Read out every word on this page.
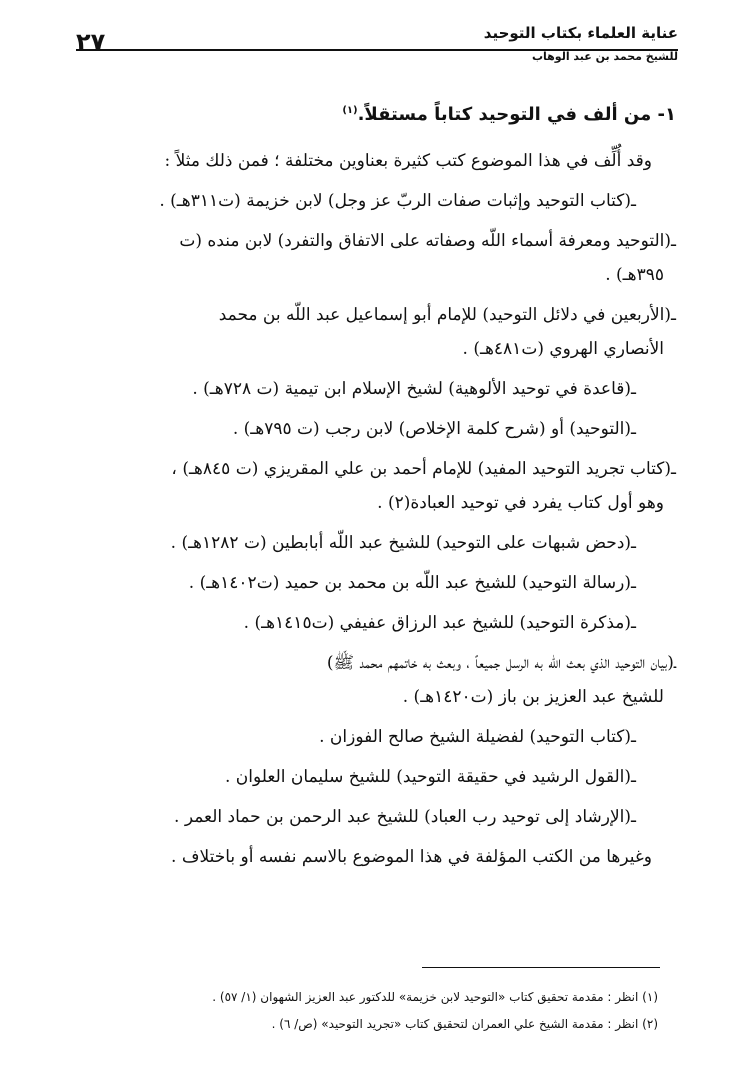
عناية العلماء بكتاب التوحيد
للشيخ محمد بن عبد الوهاب
٢٧

١- من ألف في التوحيد كتاباً مستقلاً.$^{(١)}$

وقد أُلِّف في هذا الموضوع كتب كثيرة بعناوين مختلفة ؛ فمن ذلك مثلاً :

ـ(كتاب التوحيد وإثبات صفات الربّ عز وجل) لابن خزيمة (ت٣١١هـ) .

ـ(التوحيد ومعرفة أسماء اللّه وصفاته على الاتفاق والتفرد) لابن منده (ت
٣٩٥هـ) .

ـ(الأربعين في دلائل التوحيد) للإمام أبو إسماعيل عبد اللّه بن محمد
الأنصاري الهروي (ت٤٨١هـ) .

ـ(قاعدة في توحيد الألوهية) لشيخ الإسلام ابن تيمية (ت ٧٢٨هـ) .

ـ(التوحيد) أو (شرح كلمة الإخلاص) لابن رجب (ت ٧٩٥هـ) .

ـ(كتاب تجريد التوحيد المفيد) للإمام أحمد بن علي المقريزي (ت ٨٤٥هـ) ،
وهو أول كتاب يفرد في توحيد العبادة(٢) .

ـ(دحض شبهات على التوحيد) للشيخ عبد اللّه أبابطين (ت ١٢٨٢هـ) .

ـ(رسالة التوحيد) للشيخ عبد اللّه بن محمد بن حميد (ت١٤٠٢هـ) .

ـ(مذكرة التوحيد) للشيخ عبد الرزاق عفيفي (ت١٤١٥هـ) .

ـ(بيان التوحيد الذي بعث اللّه به الرسل جميعاً ، وبعث به خاتمهم محمد ﷺ)
للشيخ عبد العزيز بن باز (ت١٤٢٠هـ) .

ـ(كتاب التوحيد) لفضيلة الشيخ صالح الفوزان .

ـ(القول الرشيد في حقيقة التوحيد) للشيخ سليمان العلوان .

ـ(الإرشاد إلى توحيد رب العباد) للشيخ عبد الرحمن بن حماد العمر .

وغيرها من الكتب المؤلفة في هذا الموضوع بالاسم نفسه أو باختلاف .

(١) انظر : مقدمة تحقيق كتاب «التوحيد لابن خزيمة» للدكتور عبد العزيز الشهوان (١/ ٥٧) .

(٢) انظر : مقدمة الشيخ علي العمران لتحقيق كتاب «تجريد التوحيد» (ص/ ٦) .
